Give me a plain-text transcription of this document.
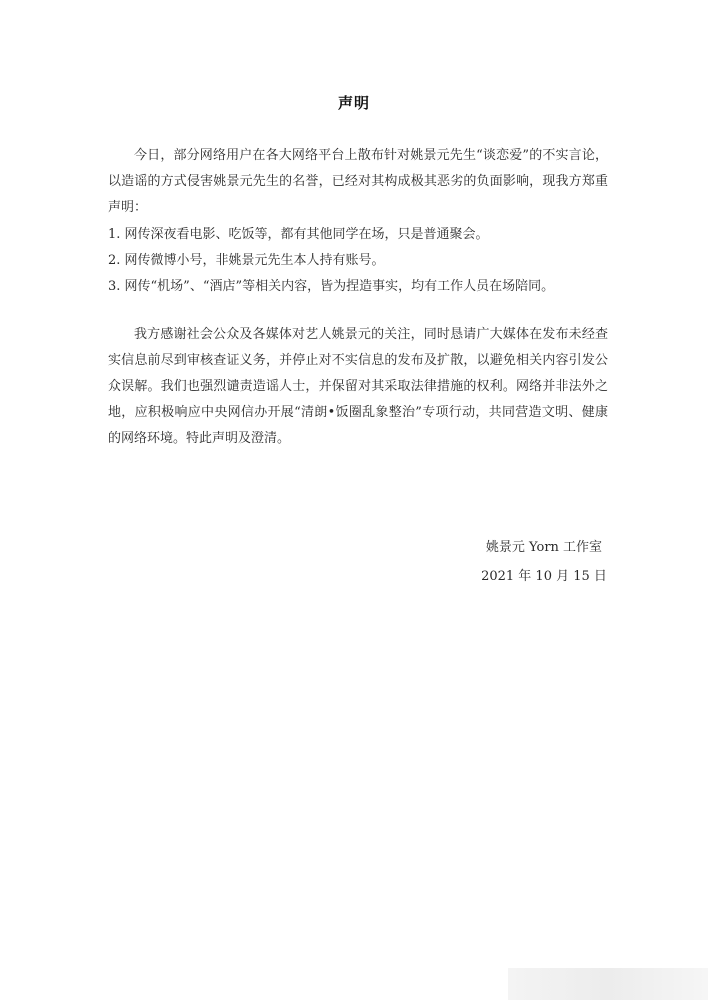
声明

今日，部分网络用户在各大网络平台上散布针对姚景元先生“谈恋爱”的不实言论，以造谣的方式侵害姚景元先生的名誉，已经对其构成极其恶劣的负面影响，现我方郑重声明：

1. 网传深夜看电影、吃饭等，都有其他同学在场，只是普通聚会。
2. 网传微博小号，非姚景元先生本人持有账号。
3. 网传“机场”、“酒店”等相关内容，皆为捏造事实，均有工作人员在场陪同。

我方感谢社会公众及各媒体对艺人姚景元的关注，同时恳请广大媒体在发布未经查实信息前尽到审核查证义务，并停止对不实信息的发布及扩散，以避免相关内容引发公众误解。我们也强烈谴责造谣人士，并保留对其采取法律措施的权利。网络并非法外之地，应积极响应中央网信办开展“清朗•饭圈乱象整治”专项行动，共同营造文明、健康的网络环境。特此声明及澄清。

姚景元 Yorn 工作室
2021 年 10 月 15 日
